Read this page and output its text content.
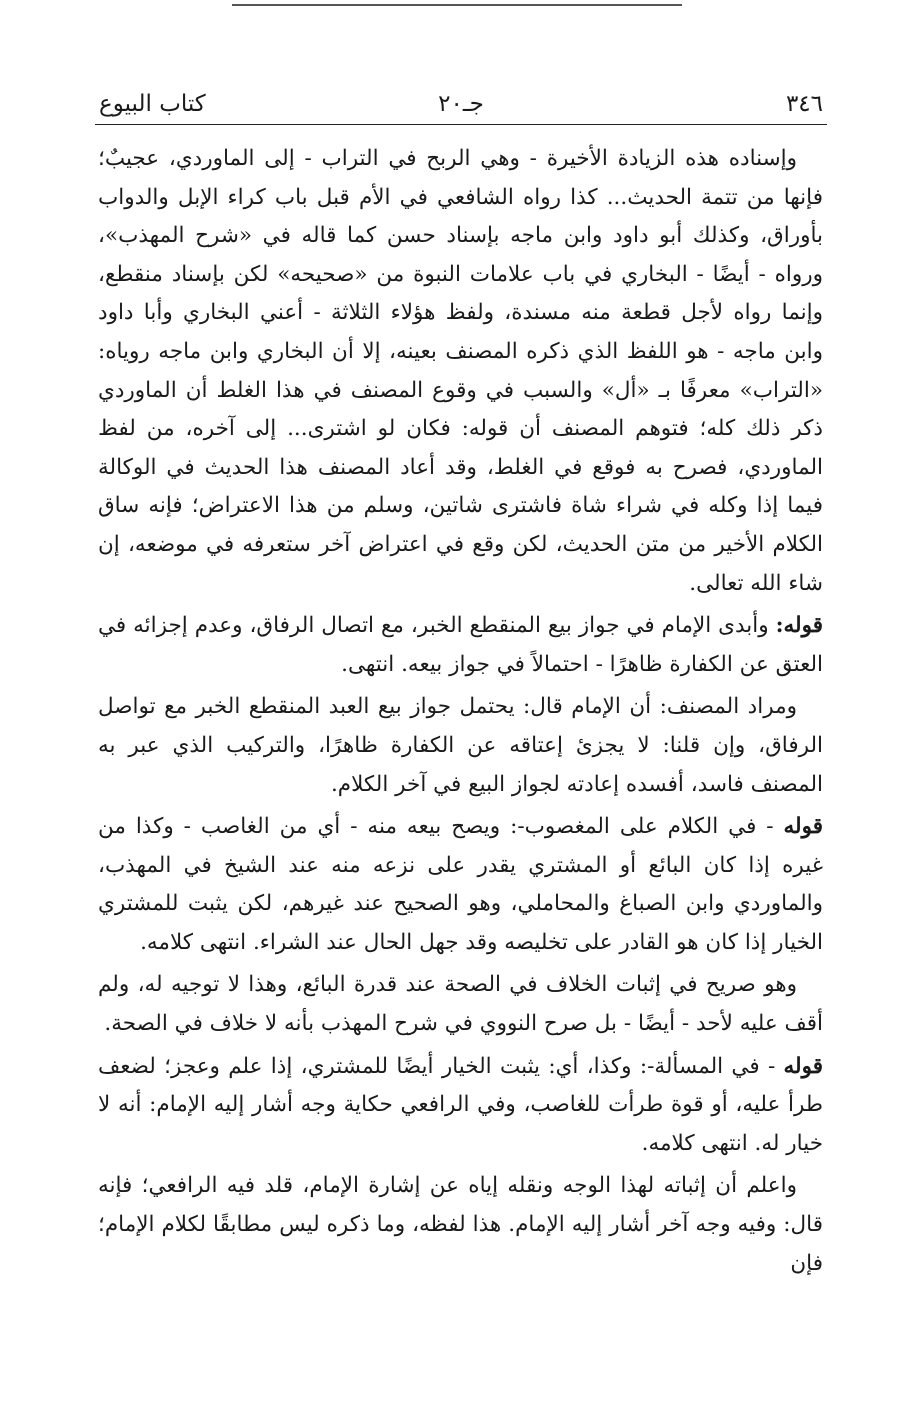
٣٤٦
جـ٢٠
كتاب البيوع

وإسناده هذه الزيادة الأخيرة - وهي الربح في التراب - إلى الماوردي، عجيبٌ؛ فإنها من تتمة الحديث... كذا رواه الشافعي في الأم قبل باب كراء الإبل والدواب بأوراق، وكذلك أبو داود وابن ماجه بإسناد حسن كما قاله في «شرح المهذب»، ورواه - أيضًا - البخاري في باب علامات النبوة من «صحيحه» لكن بإسناد منقطع، وإنما رواه لأجل قطعة منه مسندة، ولفظ هؤلاء الثلاثة - أعني البخاري وأبا داود وابن ماجه - هو اللفظ الذي ذكره المصنف بعينه، إلا أن البخاري وابن ماجه روياه: «التراب» معرفًا بـ «أل» والسبب في وقوع المصنف في هذا الغلط أن الماوردي ذكر ذلك كله؛ فتوهم المصنف أن قوله: فكان لو اشترى... إلى آخره، من لفظ الماوردي، فصرح به فوقع في الغلط، وقد أعاد المصنف هذا الحديث في الوكالة فيما إذا وكله في شراء شاة فاشترى شاتين، وسلم من هذا الاعتراض؛ فإنه ساق الكلام الأخير من متن الحديث، لكن وقع في اعتراض آخر ستعرفه في موضعه، إن شاء الله تعالى.

قوله: وأبدى الإمام في جواز بيع المنقطع الخبر، مع اتصال الرفاق، وعدم إجزائه في العتق عن الكفارة ظاهرًا - احتمالاً في جواز بيعه. انتهى.

ومراد المصنف: أن الإمام قال: يحتمل جواز بيع العبد المنقطع الخبر مع تواصل الرفاق، وإن قلنا: لا يجزئ إعتاقه عن الكفارة ظاهرًا، والتركيب الذي عبر به المصنف فاسد، أفسده إعادته لجواز البيع في آخر الكلام.

قوله - في الكلام على المغصوب-: ويصح بيعه منه - أي من الغاصب - وكذا من غيره إذا كان البائع أو المشتري يقدر على نزعه منه عند الشيخ في المهذب، والماوردي وابن الصباغ والمحاملي، وهو الصحيح عند غيرهم، لكن يثبت للمشتري الخيار إذا كان هو القادر على تخليصه وقد جهل الحال عند الشراء. انتهى كلامه.

وهو صريح في إثبات الخلاف في الصحة عند قدرة البائع، وهذا لا توجيه له، ولم أقف عليه لأحد - أيضًا - بل صرح النووي في شرح المهذب بأنه لا خلاف في الصحة.

قوله - في المسألة-: وكذا، أي: يثبت الخيار أيضًا للمشتري، إذا علم وعجز؛ لضعف طرأ عليه، أو قوة طرأت للغاصب، وفي الرافعي حكاية وجه أشار إليه الإمام: أنه لا خيار له. انتهى كلامه.

واعلم أن إثباته لهذا الوجه ونقله إياه عن إشارة الإمام، قلد فيه الرافعي؛ فإنه قال: وفيه وجه آخر أشار إليه الإمام. هذا لفظه، وما ذكره ليس مطابقًا لكلام الإمام؛ فإن
